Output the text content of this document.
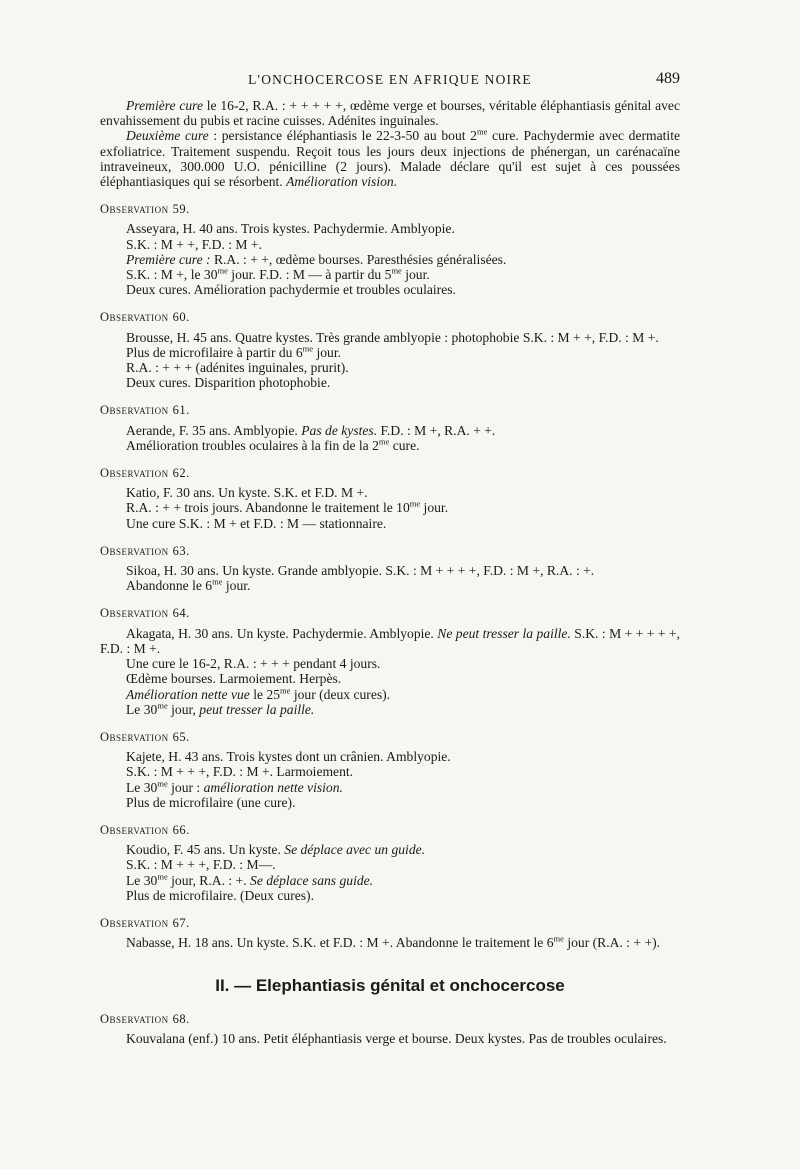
L'ONCHOCERCOSE EN AFRIQUE NOIRE	489

Première cure le 16-2, R.A. : + + + + +, œdème verge et bourses, véritable éléphantiasis génital avec envahissement du pubis et racine cuisses. Adénites inguinales.

Deuxième cure : persistance éléphantiasis le 22-3-50 au bout $2^{me}$ cure. Pachydermie avec dermatite exfoliatrice. Traitement suspendu. Reçoit tous les jours deux injections de phénergan, un carénacaïne intraveineux, 300.000 U.O. pénicilline (2 jours). Malade déclare qu'il est sujet à ces poussées éléphantiasiques qui se résorbent. Amélioration vision.

Observation 59.

Asseyara, H. 40 ans. Trois kystes. Pachydermie. Amblyopie.

S.K. : M + +, F.D. : M +.

Première cure : R.A. : + +, œdème bourses. Paresthésies généralisées.

S.K. : M +, le $30^{me}$ jour. F.D. : M — à partir du $5^{me}$ jour.

Deux cures. Amélioration pachydermie et troubles oculaires.

Observation 60.

Brousse, H. 45 ans. Quatre kystes. Très grande amblyopie : photophobie S.K. : M + +, F.D. : M +.

Plus de microfilaire à partir du $6^{me}$ jour.

R.A. : + + + (adénites inguinales, prurit).

Deux cures. Disparition photophobie.

Observation 61.

Aerande, F. 35 ans. Amblyopie. Pas de kystes. F.D. : M +, R.A. + +.

Amélioration troubles oculaires à la fin de la $2^{me}$ cure.

Observation 62.

Katio, F. 30 ans. Un kyste. S.K. et F.D. M +.

R.A. : + + trois jours. Abandonne le traitement le $10^{me}$ jour.

Une cure S.K. : M + et F.D. : M — stationnaire.

Observation 63.

Sikoa, H. 30 ans. Un kyste. Grande amblyopie. S.K. : M + + + +, F.D. : M +, R.A. : +.

Abandonne le $6^{me}$ jour.

Observation 64.

Akagata, H. 30 ans. Un kyste. Pachydermie. Amblyopie. Ne peut tresser la paille. S.K. : M + + + + +, F.D. : M +.

Une cure le 16-2, R.A. : + + + pendant 4 jours.

Œdème bourses. Larmoiement. Herpès.

Amélioration nette vue le $25^{me}$ jour (deux cures).

Le $30^{me}$ jour, peut tresser la paille.

Observation 65.

Kajete, H. 43 ans. Trois kystes dont un crânien. Amblyopie.

S.K. : M + + +, F.D. : M +. Larmoiement.

Le $30^{me}$ jour : amélioration nette vision.

Plus de microfilaire (une cure).

Observation 66.

Koudio, F. 45 ans. Un kyste. Se déplace avec un guide.

S.K. : M + + +, F.D. : M—.

Le $30^{me}$ jour, R.A. : +. Se déplace sans guide.

Plus de microfilaire. (Deux cures).

Observation 67.

Nabasse, H. 18 ans. Un kyste. S.K. et F.D. : M +. Abandonne le traitement le $6^{me}$ jour (R.A. : + +).

II. — Elephantiasis génital et onchocercose
Observation 68.

Kouvalana (enf.) 10 ans. Petit éléphantiasis verge et bourse. Deux kystes. Pas de troubles oculaires.
